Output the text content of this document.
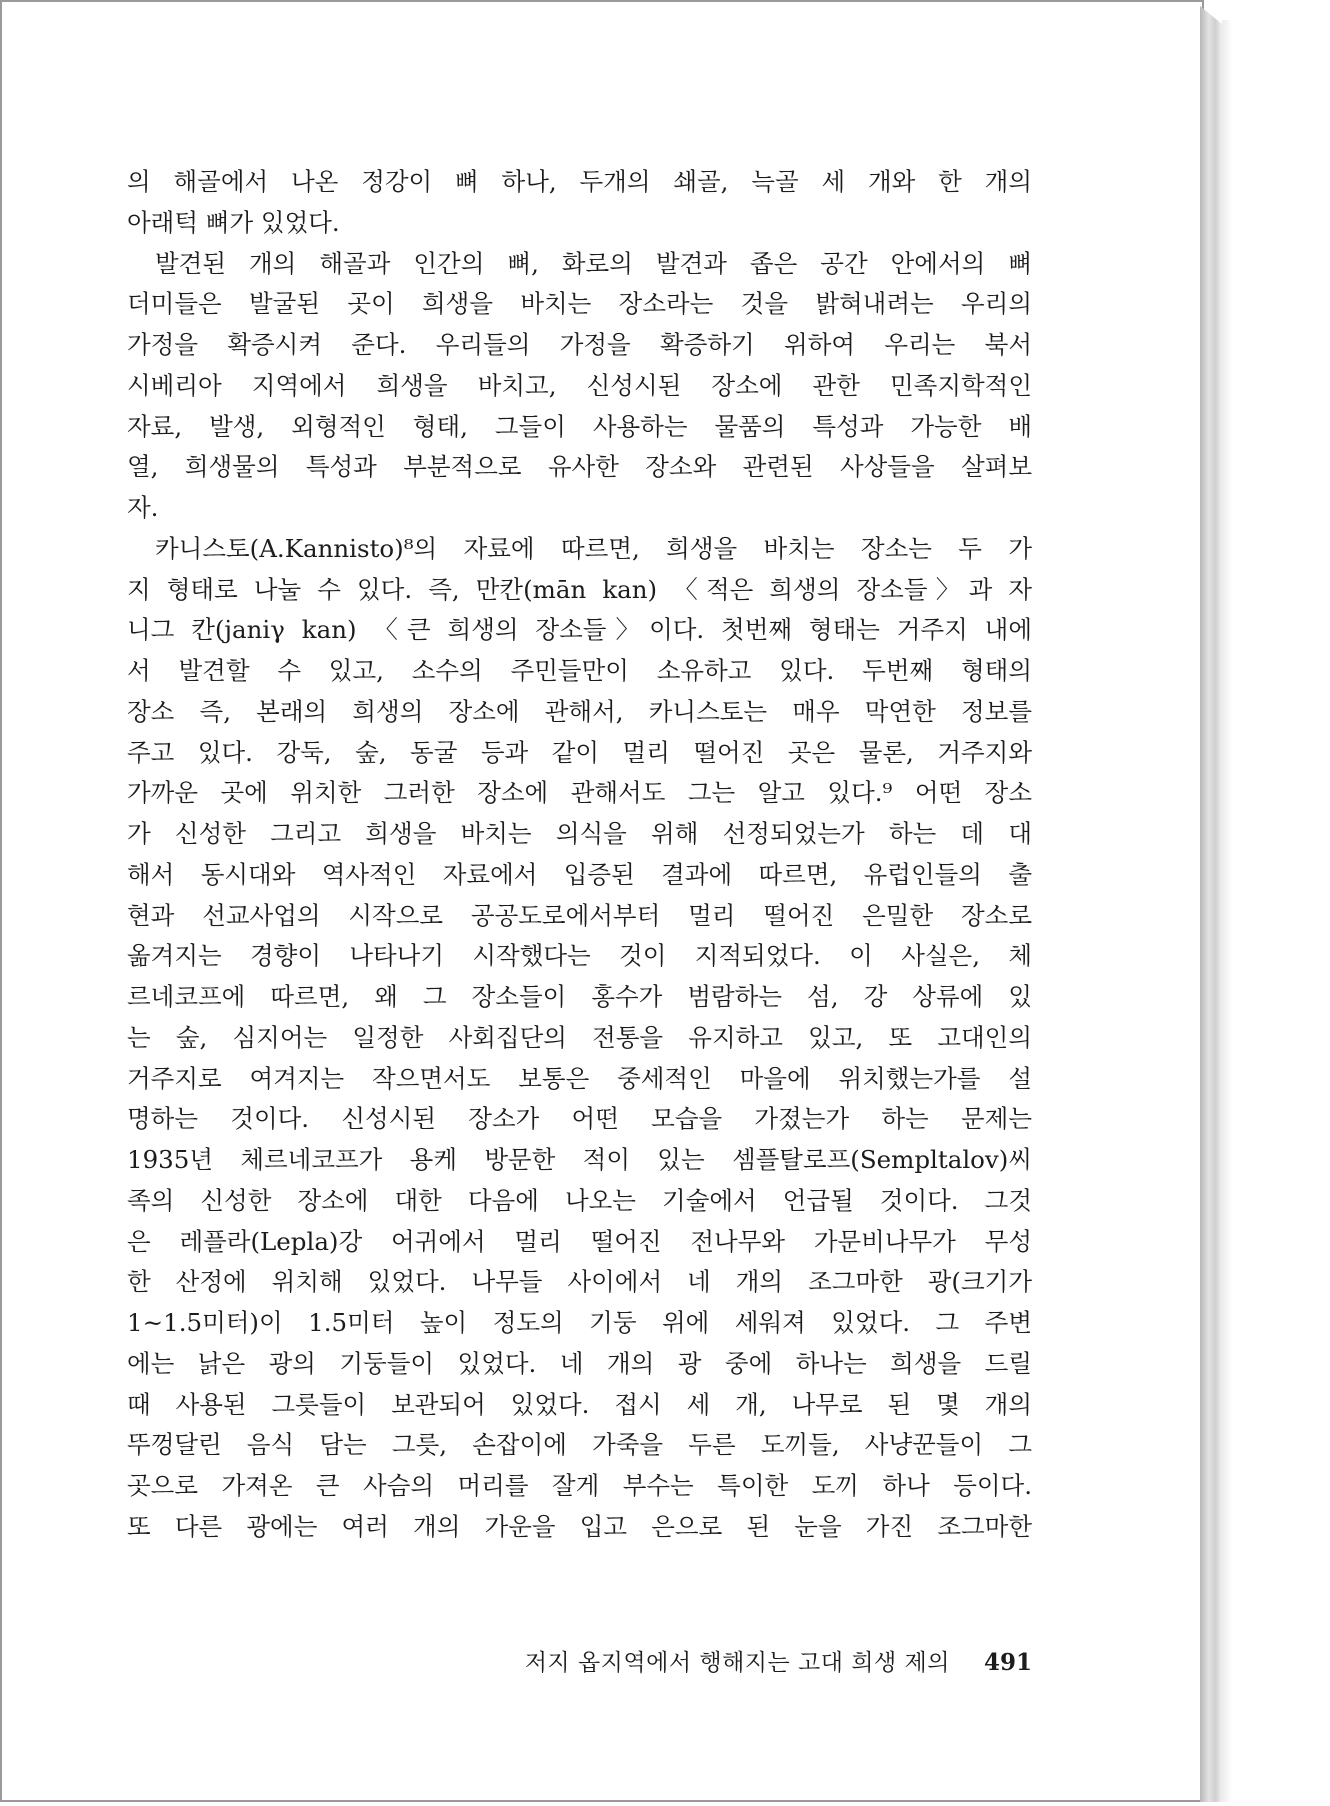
의 해골에서 나온 정강이 뼈 하나, 두개의 쇄골, 늑골 세 개와 한 개의
아래턱 뼈가 있었다.
발견된 개의 해골과 인간의 뼈, 화로의 발견과 좁은 공간 안에서의 뼈
더미들은 발굴된 곳이 희생을 바치는 장소라는 것을 밝혀내려는 우리의
가정을 확증시켜 준다. 우리들의 가정을 확증하기 위하여 우리는 북서
시베리아 지역에서 희생을 바치고, 신성시된 장소에 관한 민족지학적인
자료, 발생, 외형적인 형태, 그들이 사용하는 물품의 특성과 가능한 배
열, 희생물의 특성과 부분적으로 유사한 장소와 관련된 사상들을 살펴보
자.
카니스토(A.Kannisto)⁸의 자료에 따르면, 희생을 바치는 장소는 두 가
지 형태로 나눌 수 있다. 즉, 만칸(mān kan) 〈적은 희생의 장소들〉과 자
니그 칸(janiγ kan) 〈큰 희생의 장소들〉이다. 첫번째 형태는 거주지 내에
서 발견할 수 있고, 소수의 주민들만이 소유하고 있다. 두번째 형태의
장소 즉, 본래의 희생의 장소에 관해서, 카니스토는 매우 막연한 정보를
주고 있다. 강둑, 숲, 동굴 등과 같이 멀리 떨어진 곳은 물론, 거주지와
가까운 곳에 위치한 그러한 장소에 관해서도 그는 알고 있다.⁹ 어떤 장소
가 신성한 그리고 희생을 바치는 의식을 위해 선정되었는가 하는 데 대
해서 동시대와 역사적인 자료에서 입증된 결과에 따르면, 유럽인들의 출
현과 선교사업의 시작으로 공공도로에서부터 멀리 떨어진 은밀한 장소로
옮겨지는 경향이 나타나기 시작했다는 것이 지적되었다. 이 사실은, 체
르네코프에 따르면, 왜 그 장소들이 홍수가 범람하는 섬, 강 상류에 있
는 숲, 심지어는 일정한 사회집단의 전통을 유지하고 있고, 또 고대인의
거주지로 여겨지는 작으면서도 보통은 중세적인 마을에 위치했는가를 설
명하는 것이다. 신성시된 장소가 어떤 모습을 가졌는가 하는 문제는
1935년 체르네코프가 용케 방문한 적이 있는 셈플탈로프(Sempltalov)씨
족의 신성한 장소에 대한 다음에 나오는 기술에서 언급될 것이다. 그것
은 레플라(Lepla)강 어귀에서 멀리 떨어진 전나무와 가문비나무가 무성
한 산정에 위치해 있었다. 나무들 사이에서 네 개의 조그마한 광(크기가
1~1.5미터)이 1.5미터 높이 정도의 기둥 위에 세워져 있었다. 그 주변
에는 낡은 광의 기둥들이 있었다. 네 개의 광 중에 하나는 희생을 드릴
때 사용된 그릇들이 보관되어 있었다. 접시 세 개, 나무로 된 몇 개의
뚜껑달린 음식 담는 그릇, 손잡이에 가죽을 두른 도끼들, 사냥꾼들이 그
곳으로 가져온 큰 사슴의 머리를 잘게 부수는 특이한 도끼 하나 등이다.
또 다른 광에는 여러 개의 가운을 입고 은으로 된 눈을 가진 조그마한
저지 옵지역에서 행해지는 고대 희생 제의 491
